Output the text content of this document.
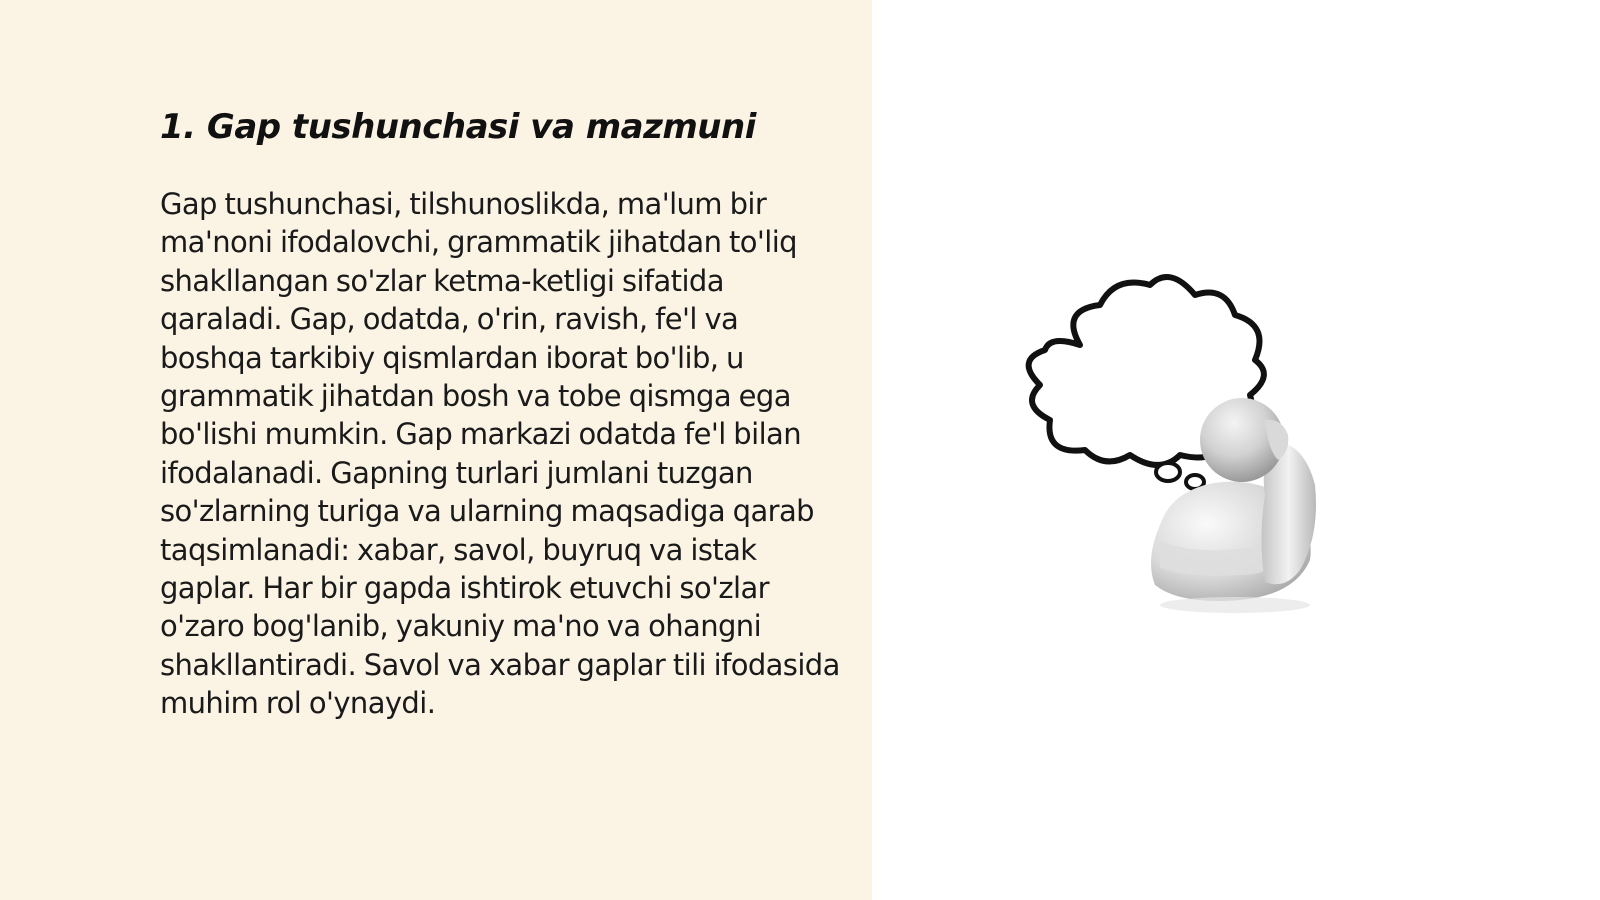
1. Gap tushunchasi va mazmuni

Gap tushunchasi, tilshunoslikda, ma'lum bir ma'noni ifodalovchi, grammatik jihatdan to'liq shakllangan so'zlar ketma-ketligi sifatida qaraladi. Gap, odatda, o'rin, ravish, fe'l va boshqa tarkibiy qismlardan iborat bo'lib, u grammatik jihatdan bosh va tobe qismga ega bo'lishi mumkin. Gap markazi odatda fe'l bilan ifodalanadi. Gapning turlari jumlani tuzgan so'zlarning turiga va ularning maqsadiga qarab taqsimlanadi: xabar, savol, buyruq va istak gaplar. Har bir gapda ishtirok etuvchi so'zlar o'zaro bog'lanib, yakuniy ma'no va ohangni shakllantiradi. Savol va xabar gaplar tili ifodasida muhim rol o'ynaydi.
